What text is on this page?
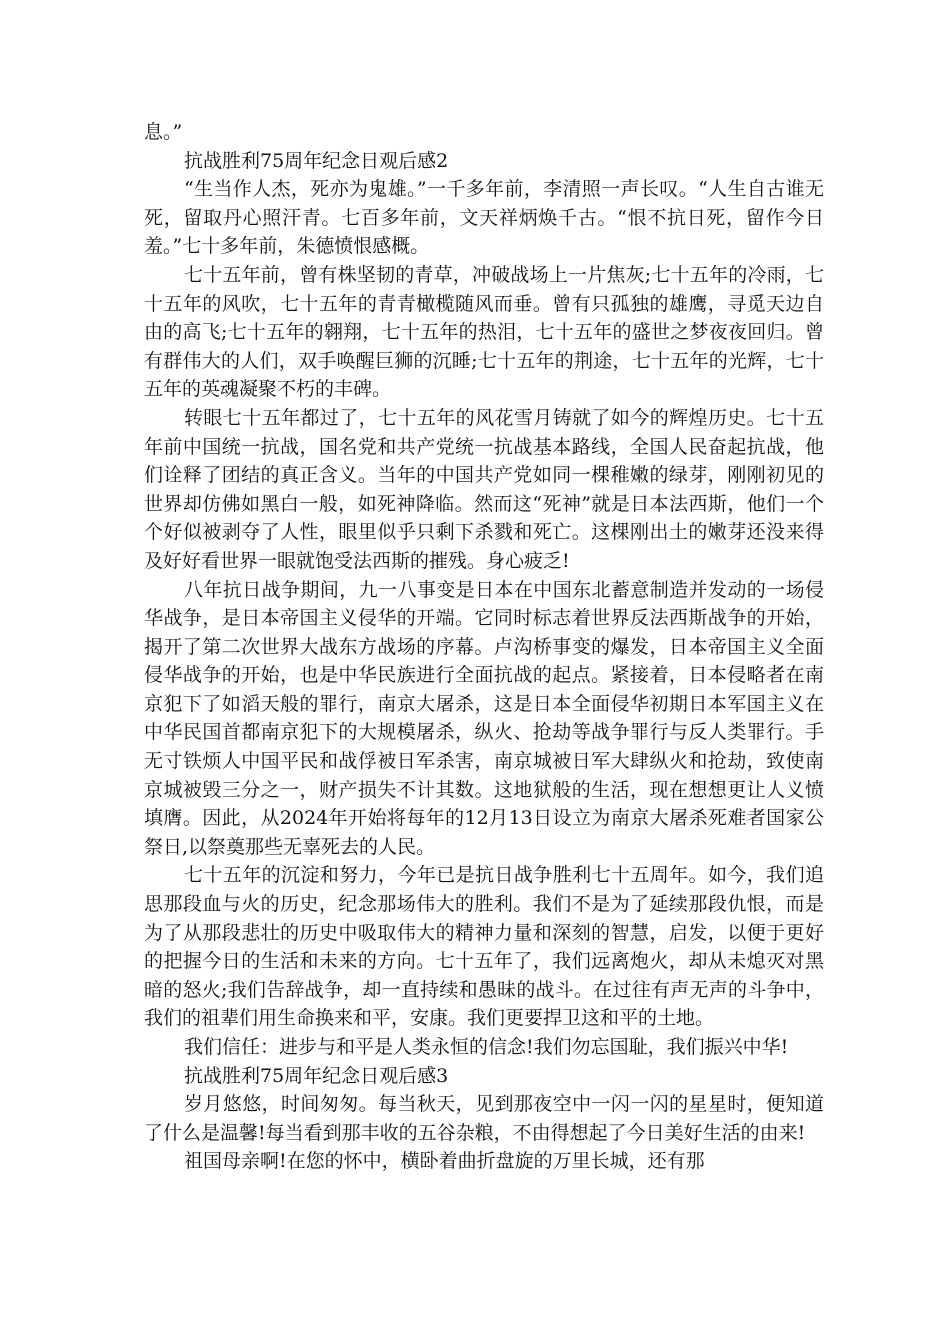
息。”

抗战胜利75周年纪念日观后感2

“生当作人杰，死亦为鬼雄。”一千多年前，李清照一声长叹。“人生自古谁无死，留取丹心照汗青。七百多年前，文天祥炳焕千古。“恨不抗日死，留作今日羞。”七十多年前，朱德愤恨感概。

七十五年前，曾有株坚韧的青草，冲破战场上一片焦灰;七十五年的冷雨，七十五年的风吹，七十五年的青青橄榄随风而垂。曾有只孤独的雄鹰，寻觅天边自由的高飞;七十五年的翱翔，七十五年的热泪，七十五年的盛世之梦夜夜回归。曾有群伟大的人们，双手唤醒巨狮的沉睡;七十五年的荆途，七十五年的光辉，七十五年的英魂凝聚不朽的丰碑。

转眼七十五年都过了，七十五年的风花雪月铸就了如今的辉煌历史。七十五年前中国统一抗战，国名党和共产党统一抗战基本路线，全国人民奋起抗战，他们诠释了团结的真正含义。当年的中国共产党如同一棵稚嫩的绿芽，刚刚初见的世界却仿佛如黑白一般，如死神降临。然而这“死神”就是日本法西斯，他们一个个好似被剥夺了人性，眼里似乎只剩下杀戮和死亡。这棵刚出土的嫩芽还没来得及好好看世界一眼就饱受法西斯的摧残。身心疲乏!

八年抗日战争期间，九一八事变是日本在中国东北蓄意制造并发动的一场侵华战争，是日本帝国主义侵华的开端。它同时标志着世界反法西斯战争的开始，揭开了第二次世界大战东方战场的序幕。卢沟桥事变的爆发，日本帝国主义全面侵华战争的开始，也是中华民族进行全面抗战的起点。紧接着，日本侵略者在南京犯下了如滔天般的罪行，南京大屠杀，这是日本全面侵华初期日本军国主义在中华民国首都南京犯下的大规模屠杀，纵火、抢劫等战争罪行与反人类罪行。手无寸铁烦人中国平民和战俘被日军杀害，南京城被日军大肆纵火和抢劫，致使南京城被毁三分之一，财产损失不计其数。这地狱般的生活，现在想想更让人义愤填膺。因此，从2024年开始将每年的12月13日设立为南京大屠杀死难者国家公祭日,以祭奠那些无辜死去的人民。

七十五年的沉淀和努力，今年已是抗日战争胜利七十五周年。如今，我们追思那段血与火的历史，纪念那场伟大的胜利。我们不是为了延续那段仇恨，而是为了从那段悲壮的历史中吸取伟大的精神力量和深刻的智慧，启发，以便于更好的把握今日的生活和未来的方向。七十五年了，我们远离炮火，却从未熄灭对黑暗的怒火;我们告辞战争，却一直持续和愚昧的战斗。在过往有声无声的斗争中，我们的祖辈们用生命换来和平，安康。我们更要捍卫这和平的土地。

我们信任：进步与和平是人类永恒的信念!我们勿忘国耻，我们振兴中华!

抗战胜利75周年纪念日观后感3

岁月悠悠，时间匆匆。每当秋天，见到那夜空中一闪一闪的星星时，便知道了什么是温馨!每当看到那丰收的五谷杂粮，不由得想起了今日美好生活的由来!

祖国母亲啊!在您的怀中，横卧着曲折盘旋的万里长城，还有那
